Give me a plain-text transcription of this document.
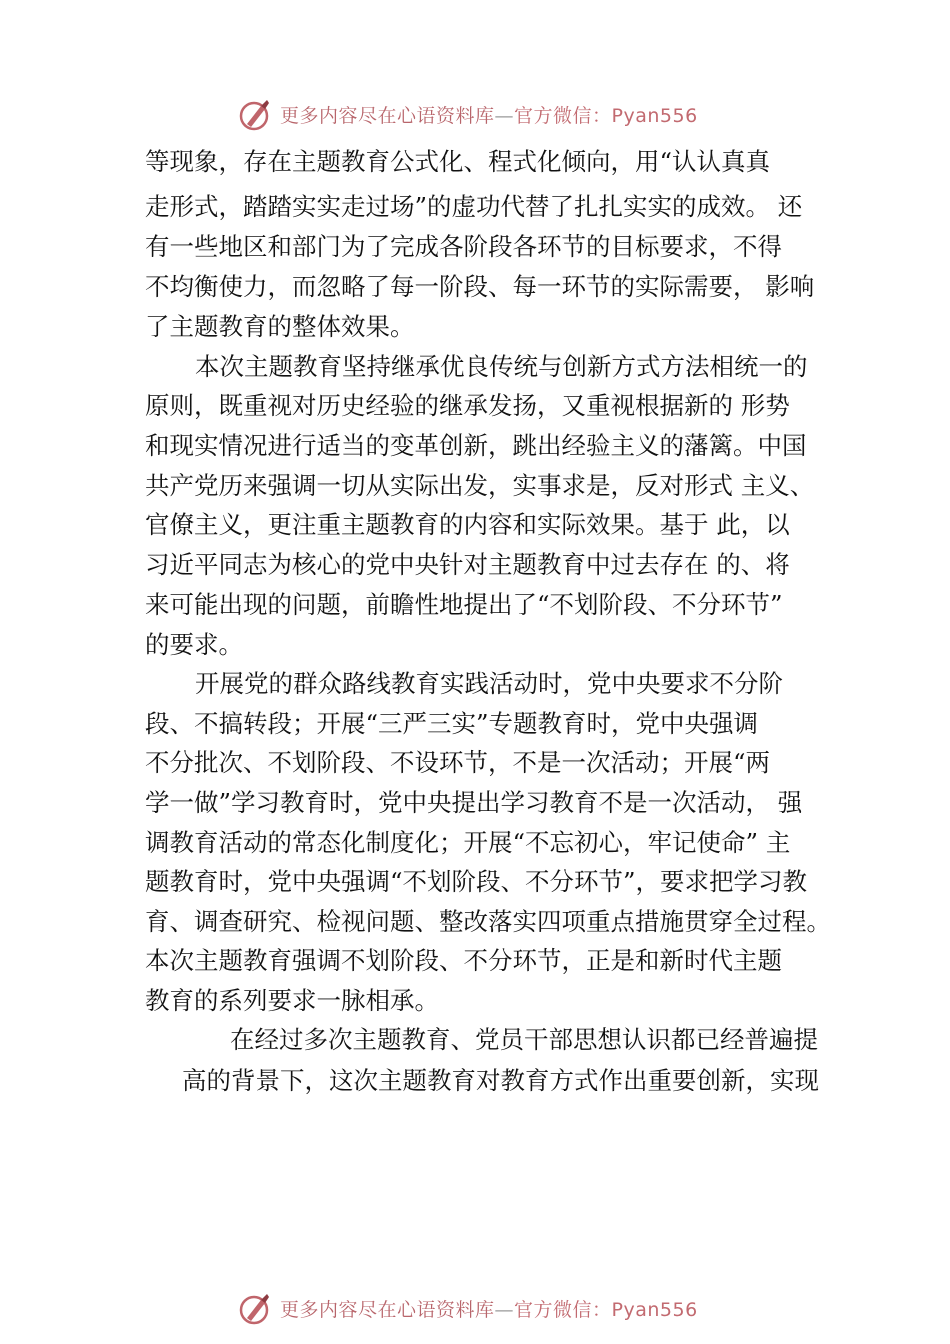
更多内容尽在心语资料库—官方微信：Pyan556
等现象，存在主题教育公式化、程式化倾向，用“认认真真
走形式，踏踏实实走过场”的虚功代替了扎扎实实的成效。 还
有一些地区和部门为了完成各阶段各环节的目标要求，不得
不均衡使力，而忽略了每一阶段、每一环节的实际需要， 影响
了主题教育的整体效果。
本次主题教育坚持继承优良传统与创新方式方法相统一的
原则，既重视对历史经验的继承发扬，又重视根据新的 形势
和现实情况进行适当的变革创新，跳出经验主义的藩篱。中国
共产党历来强调一切从实际出发，实事求是，反对形式 主义、
官僚主义，更注重主题教育的内容和实际效果。基于 此，以
习近平同志为核心的党中央针对主题教育中过去存在 的、将
来可能出现的问题，前瞻性地提出了“不划阶段、不分环节”
的要求。
开展党的群众路线教育实践活动时，党中央要求不分阶
段、不搞转段；开展“三严三实”专题教育时，党中央强调
不分批次、不划阶段、不设环节，不是一次活动；开展“两
学一做”学习教育时，党中央提出学习教育不是一次活动， 强
调教育活动的常态化制度化；开展“不忘初心，牢记使命” 主
题教育时，党中央强调“不划阶段、不分环节”，要求把学习教
育、调查研究、检视问题、整改落实四项重点措施贯穿全过程。
本次主题教育强调不划阶段、不分环节，正是和新时代主题
教育的系列要求一脉相承。
在经过多次主题教育、党员干部思想认识都已经普遍提
高的背景下，这次主题教育对教育方式作出重要创新，实现
更多内容尽在心语资料库—官方微信：Pyan556
